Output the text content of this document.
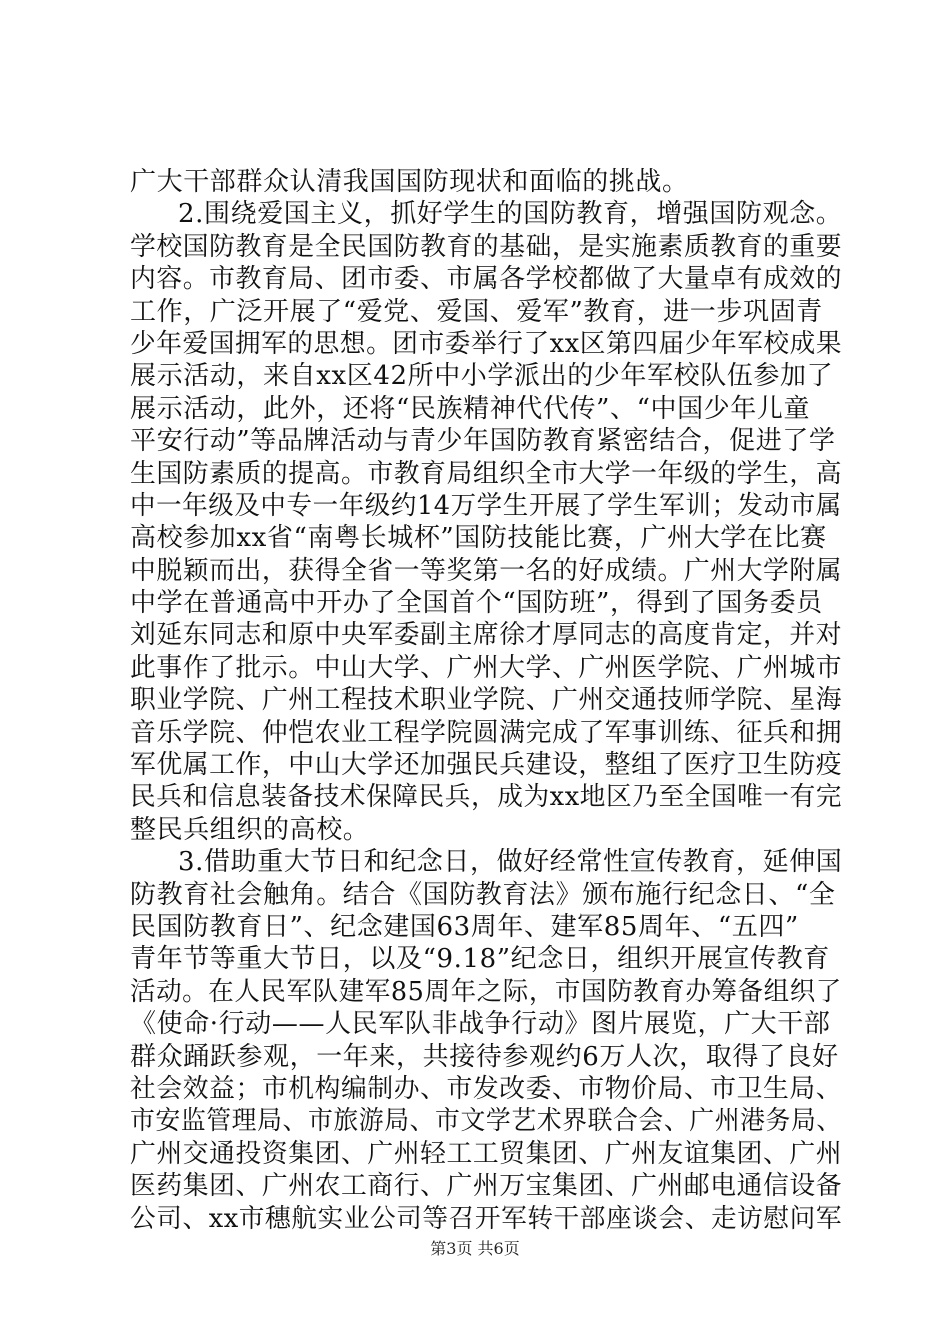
广大干部群众认清我国国防现状和面临的挑战。
2.围绕爱国主义，抓好学生的国防教育，增强国防观念。
学校国防教育是全民国防教育的基础，是实施素质教育的重要
内容。市教育局、团市委、市属各学校都做了大量卓有成效的
工作，广泛开展了“爱党、爱国、爱军”教育，进一步巩固青
少年爱国拥军的思想。团市委举行了xx区第四届少年军校成果
展示活动，来自xx区42所中小学派出的少年军校队伍参加了
展示活动，此外，还将“民族精神代代传”、“中国少年儿童
平安行动”等品牌活动与青少年国防教育紧密结合，促进了学
生国防素质的提高。市教育局组织全市大学一年级的学生，高
中一年级及中专一年级约14万学生开展了学生军训；发动市属
高校参加xx省“南粤长城杯”国防技能比赛，广州大学在比赛
中脱颖而出，获得全省一等奖第一名的好成绩。广州大学附属
中学在普通高中开办了全国首个“国防班”，得到了国务委员
刘延东同志和原中央军委副主席徐才厚同志的高度肯定，并对
此事作了批示。中山大学、广州大学、广州医学院、广州城市
职业学院、广州工程技术职业学院、广州交通技师学院、星海
音乐学院、仲恺农业工程学院圆满完成了军事训练、征兵和拥
军优属工作，中山大学还加强民兵建设，整组了医疗卫生防疫
民兵和信息装备技术保障民兵，成为xx地区乃至全国唯一有完
整民兵组织的高校。
3.借助重大节日和纪念日，做好经常性宣传教育，延伸国
防教育社会触角。结合《国防教育法》颁布施行纪念日、“全
民国防教育日”、纪念建国63周年、建军85周年、“五四”
青年节等重大节日，以及“9.18”纪念日，组织开展宣传教育
活动。在人民军队建军85周年之际，市国防教育办筹备组织了
《使命·行动——人民军队非战争行动》图片展览，广大干部
群众踊跃参观，一年来，共接待参观约6万人次，取得了良好
社会效益；市机构编制办、市发改委、市物价局、市卫生局、
市安监管理局、市旅游局、市文学艺术界联合会、广州港务局、
广州交通投资集团、广州轻工工贸集团、广州友谊集团、广州
医药集团、广州农工商行、广州万宝集团、广州邮电通信设备
公司、xx市穗航实业公司等召开军转干部座谈会、走访慰问军
第3页 共6页
